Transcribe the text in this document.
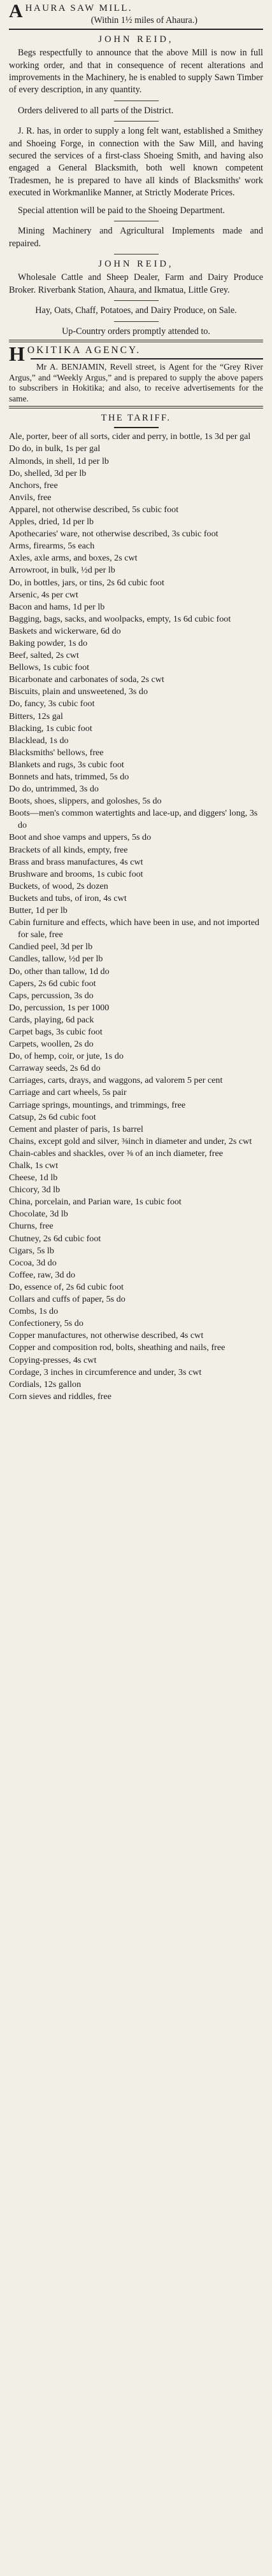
A HAURA SAW MILL.
(Within 1½ miles of Ahaura.)
JOHN REID,

Begs respectfully to announce that the above Mill is now in full working order, and that in consequence of recent alterations and improvements in the Machinery, he is enabled to supply Sawn Timber of every description, in any quantity.

Orders delivered to all parts of the District.

J. R. has, in order to supply a long felt want, established a Smithey and Shoeing Forge, in connection with the Saw Mill, and having secured the services of a first-class Shoeing Smith, and having also engaged a General Blacksmith, both well known competent Tradesmen, he is prepared to have all kinds of Blacksmiths' work executed in Workmanlike Manner, at Strictly Moderate Prices.

Special attention will be paid to the Shoeing Department.

Mining Machinery and Agricultural Implements made and repaired.

JOHN REID,

Wholesale Cattle and Sheep Dealer, Farm and Dairy Produce Broker. Riverbank Station, Ahaura, and Ikmatua, Little Grey.

Hay, Oats, Chaff, Potatoes, and Dairy Produce, on Sale.
Up-Country orders promptly attended to.
H OKITIKA AGENCY.

Mr A. BENJAMIN, Revell street, is Agent for the “Grey River Argus,” and “Weekly Argus,” and is prepared to supply the above papers to subscribers in Hokitika; and also, to receive advertisements for the same.

THE TARIFF.
Ale, porter, beer of all sorts, cider and perry, in bottle, 1s 3d per gal
Do do, in bulk, 1s per gal
Almonds, in shell, 1d per lb
Do, shelled, 3d per lb
Anchors, free
Anvils, free
Apparel, not otherwise described, 5s cubic foot
Apples, dried, 1d per lb
Apothecaries' ware, not otherwise described, 3s cubic foot
Arms, firearms, 5s each
Axles, axle arms, and boxes, 2s cwt
Arrowroot, in bulk, ½d per lb
Do, in bottles, jars, or tins, 2s 6d cubic foot
Arsenic, 4s per cwt
Bacon and hams, 1d per lb
Bagging, bags, sacks, and woolpacks, empty, 1s 6d cubic foot
Baskets and wickerware, 6d do
Baking powder, 1s do
Beef, salted, 2s cwt
Bellows, 1s cubic foot
Bicarbonate and carbonates of soda, 2s cwt
Biscuits, plain and unsweetened, 3s do
Do, fancy, 3s cubic foot
Bitters, 12s gal
Blacking, 1s cubic foot
Blacklead, 1s do
Blacksmiths' bellows, free
Blankets and rugs, 3s cubic foot
Bonnets and hats, trimmed, 5s do
Do do, untrimmed, 3s do
Boots, shoes, slippers, and goloshes, 5s do
Boots—men's common watertights and lace-up, and diggers' long, 3s do
Boot and shoe vamps and uppers, 5s do
Brackets of all kinds, empty, free
Brass and brass manufactures, 4s cwt
Brushware and brooms, 1s cubic foot
Buckets, of wood, 2s dozen
Buckets and tubs, of iron, 4s cwt
Butter, 1d per lb
Cabin furniture and effects, which have been in use, and not imported for sale, free
Candied peel, 3d per lb
Candles, tallow, ½d per lb
Do, other than tallow, 1d do
Capers, 2s 6d cubic foot
Caps, percussion, 3s do
Do, percussion, 1s per 1000
Cards, playing, 6d pack
Carpet bags, 3s cubic foot
Carpets, woollen, 2s do
Do, of hemp, coir, or jute, 1s do
Carraway seeds, 2s 6d do
Carriages, carts, drays, and waggons, ad valorem 5 per cent
Carriage and cart wheels, 5s pair
Carriage springs, mountings, and trimmings, free
Catsup, 2s 6d cubic foot
Cement and plaster of paris, 1s barrel
Chains, except gold and silver, ⅜inch in diameter and under, 2s cwt
Chain-cables and shackles, over ⅜ of an inch diameter, free
Chalk, 1s cwt
Cheese, 1d lb
Chicory, 3d lb
China, porcelain, and Parian ware, 1s cubic foot
Chocolate, 3d lb
Churns, free
Chutney, 2s 6d cubic foot
Cigars, 5s lb
Cocoa, 3d do
Coffee, raw, 3d do
Do, essence of, 2s 6d cubic foot
Collars and cuffs of paper, 5s do
Combs, 1s do
Confectionery, 5s do
Copper manufactures, not otherwise described, 4s cwt
Copper and composition rod, bolts, sheathing and nails, free
Copying-presses, 4s cwt
Cordage, 3 inches in circumference and under, 3s cwt
Cordials, 12s gallon
Corn sieves and riddles, free
